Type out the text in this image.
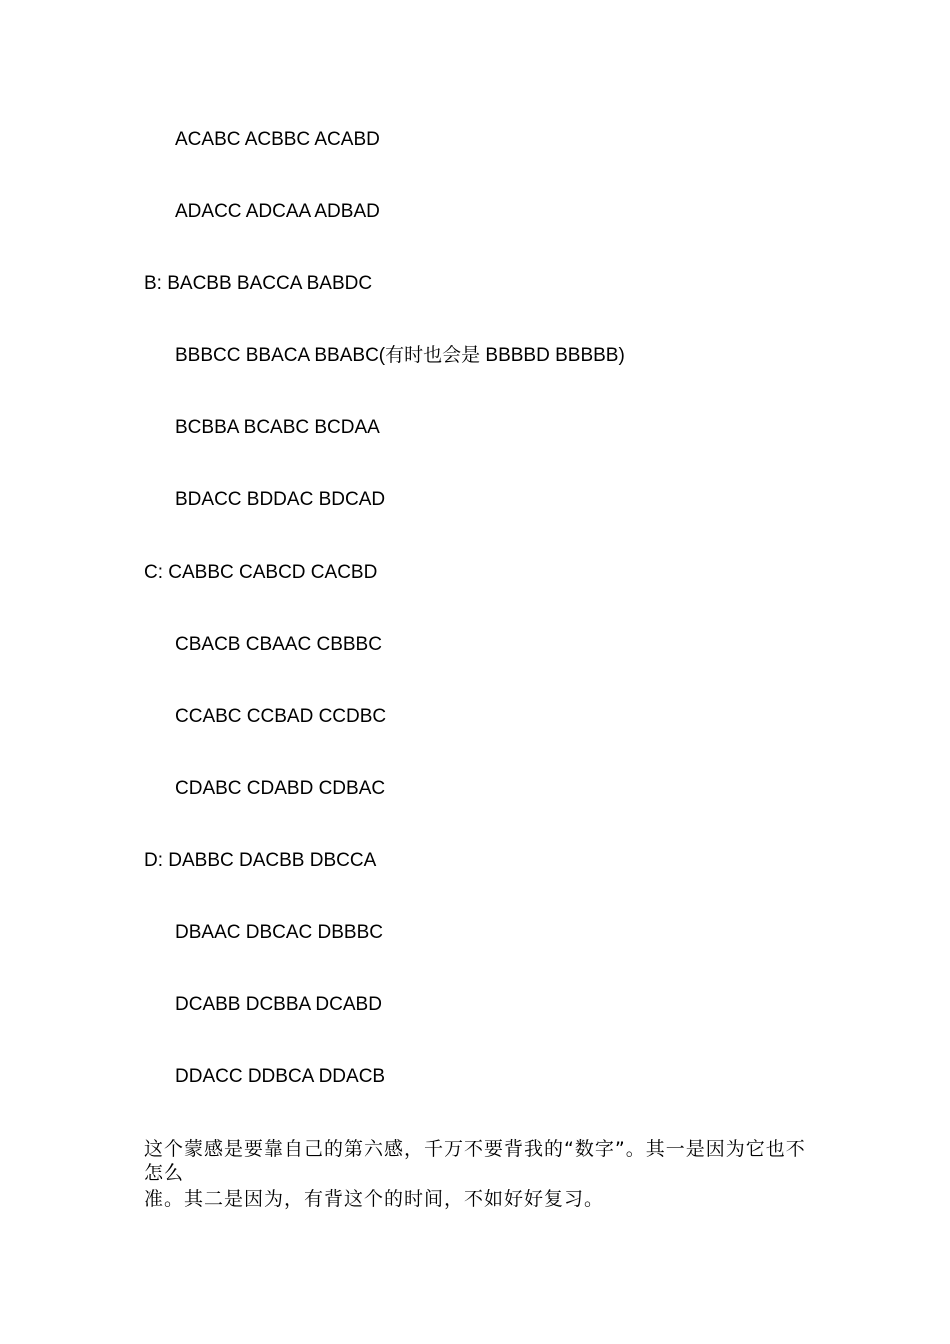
ACABC ACBBC ACABD
ADACC ADCAA ADBAD
B: BACBB BACCA BABDC
BBBCC BBACA BBABC(有时也会是 BBBBD BBBBB)
BCBBA BCABC BCDAA
BDACC BDDAC BDCAD
C: CABBC CABCD CACBD
CBACB CBAAC CBBBC
CCABC CCBAD CCDBC
CDABC CDABD CDBAC
D: DABBC DACBB DBCCA
DBAAC DBCAC DBBBC
DCABB DCBBA DCABD
DDACC DDBCA DDACB
这个蒙感是要靠自己的第六感，千万不要背我的“数字”。其一是因为它也不怎么
准。其二是因为，有背这个的时间，不如好好复习。
